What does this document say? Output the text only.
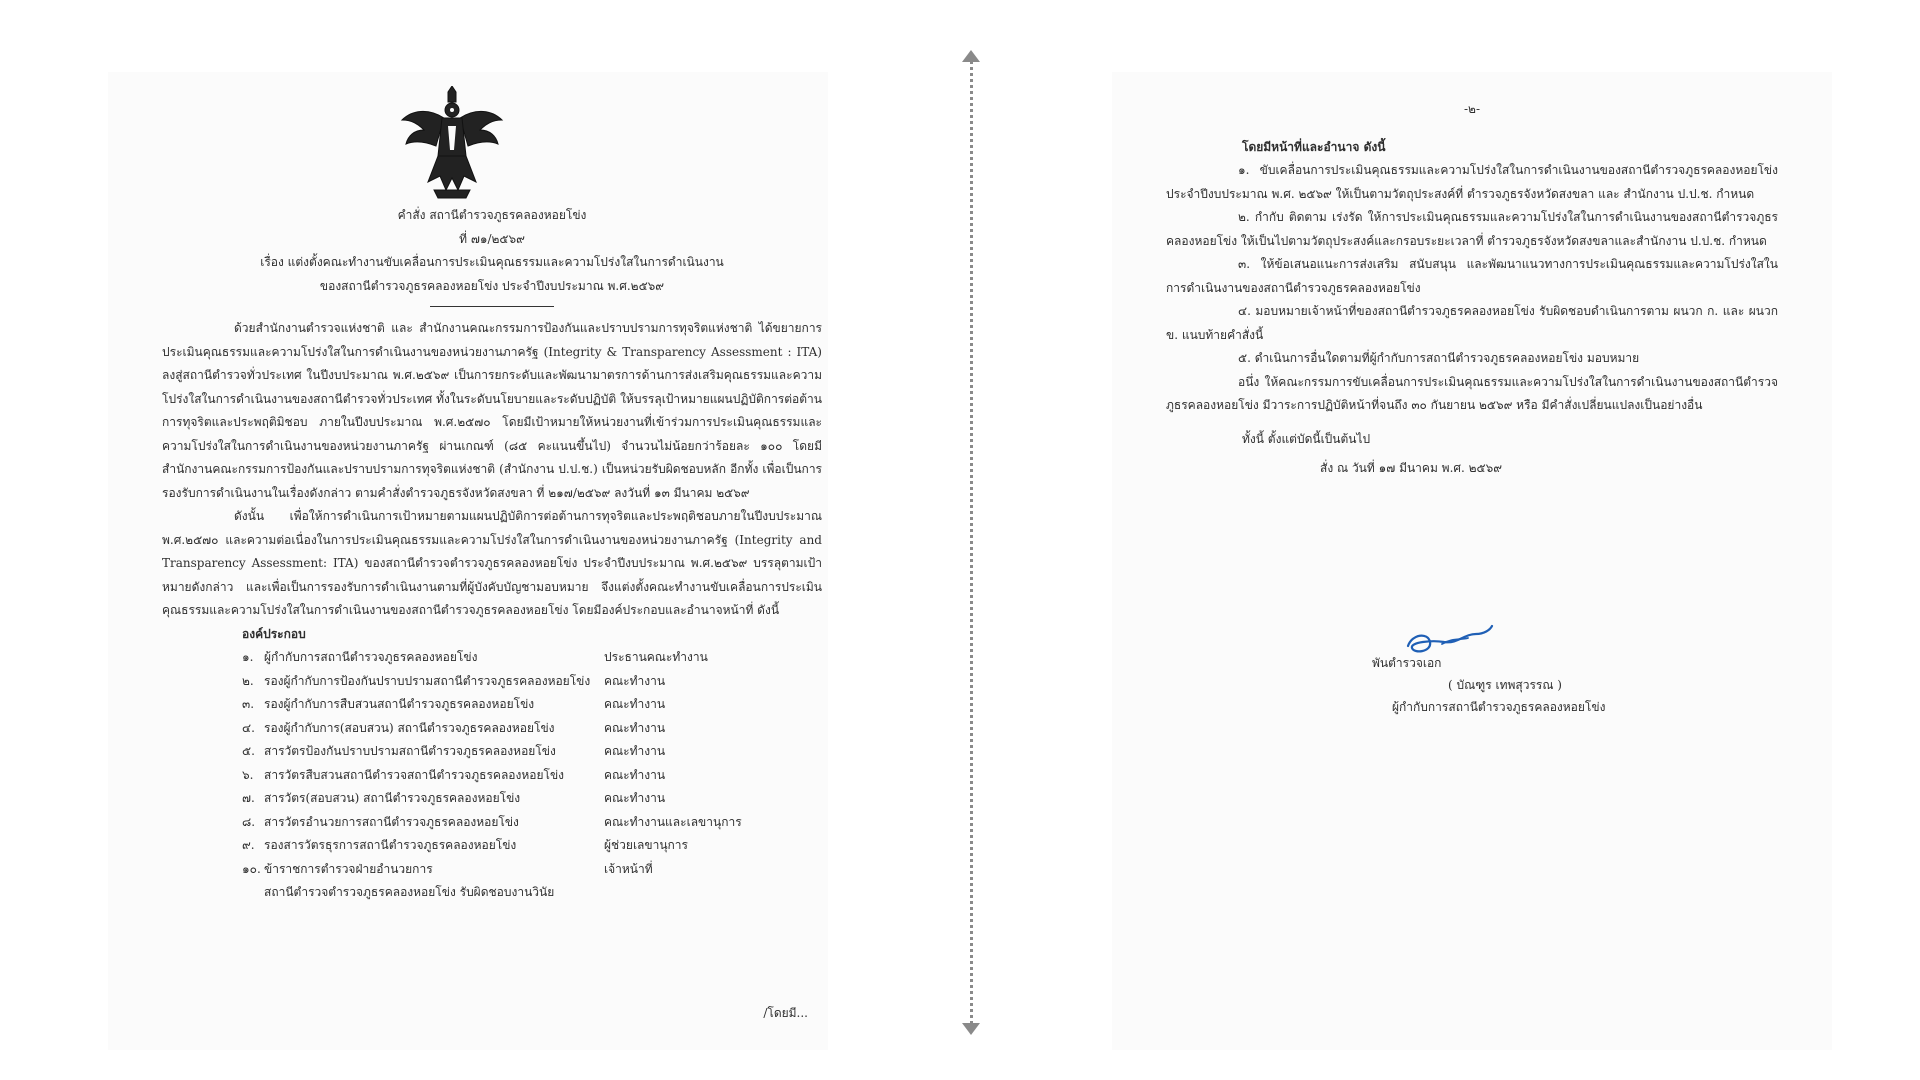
คำสั่ง สถานีตำรวจภูธรคลองหอยโข่ง
ที่ ๗๑/๒๕๖๙
เรื่อง แต่งตั้งคณะทำงานขับเคลื่อนการประเมินคุณธรรมและความโปร่งใสในการดำเนินงาน
ของสถานีตำรวจภูธรคลองหอยโข่ง ประจำปีงบประมาณ พ.ศ.๒๕๖๙
ด้วยสำนักงานตำรวจแห่งชาติ และ สำนักงานคณะกรรมการป้องกันและปราบปรามการทุจริตแห่งชาติ ได้ขยายการประเมินคุณธรรมและความโปร่งใสในการดำเนินงานของหน่วยงานภาครัฐ (Integrity & Transparency Assessment : ITA) ลงสู่สถานีตำรวจทั่วประเทศ ในปีงบประมาณ พ.ศ.๒๕๖๙ เป็นการยกระดับและพัฒนามาตรการด้านการส่งเสริมคุณธรรมและความโปร่งใสในการดำเนินงานของสถานีตำรวจทั่วประเทศ ทั้งในระดับนโยบายและระดับปฏิบัติ ให้บรรลุเป้าหมายแผนปฏิบัติการต่อต้านการทุจริตและประพฤติมิชอบ ภายในปีงบประมาณ พ.ศ.๒๕๗๐ โดยมีเป้าหมายให้หน่วยงานที่เข้าร่วมการประเมินคุณธรรมและความโปร่งใสในการดำเนินงานของหน่วยงานภาครัฐ ผ่านเกณฑ์ (๘๕ คะแนนขึ้นไป) จำนวนไม่น้อยกว่าร้อยละ ๑๐๐ โดยมีสำนักงานคณะกรรมการป้องกันและปราบปรามการทุจริตแห่งชาติ (สำนักงาน ป.ป.ช.) เป็นหน่วยรับผิดชอบหลัก อีกทั้ง เพื่อเป็นการรองรับการดำเนินงานในเรื่องดังกล่าว ตามคำสั่งตำรวจภูธรจังหวัดสงขลา ที่ ๒๑๗/๒๕๖๙ ลงวันที่ ๑๓ มีนาคม ๒๕๖๙
ดังนั้น เพื่อให้การดำเนินการเป้าหมายตามแผนปฏิบัติการต่อต้านการทุจริตและประพฤติชอบภายในปีงบประมาณ พ.ศ.๒๕๗๐ และความต่อเนื่องในการประเมินคุณธรรมและความโปร่งใสในการดำเนินงานของหน่วยงานภาครัฐ (Integrity and Transparency Assessment: ITA) ของสถานีตำรวจตำรวจภูธรคลองหอยโข่ง ประจำปีงบประมาณ พ.ศ.๒๕๖๙ บรรลุตามเป้าหมายดังกล่าว และเพื่อเป็นการรองรับการดำเนินงานตามที่ผู้บังคับบัญชามอบหมาย จึงแต่งตั้งคณะทำงานขับเคลื่อนการประเมินคุณธรรมและความโปร่งใสในการดำเนินงานของสถานีตำรวจภูธรคลองหอยโข่ง โดยมีองค์ประกอบและอำนาจหน้าที่ ดังนี้
องค์ประกอบ
๑. ผู้กำกับการสถานีตำรวจภูธรคลองหอยโข่ง	ประธานคณะทำงาน
๒. รองผู้กำกับการป้องกันปราบปรามสถานีตำรวจภูธรคลองหอยโข่ง	คณะทำงาน
๓. รองผู้กำกับการสืบสวนสถานีตำรวจภูธรคลองหอยโข่ง	คณะทำงาน
๔. รองผู้กำกับการ(สอบสวน) สถานีตำรวจภูธรคลองหอยโข่ง	คณะทำงาน
๕. สารวัตรป้องกันปราบปรามสถานีตำรวจภูธรคลองหอยโข่ง	คณะทำงาน
๖. สารวัตรสืบสวนสถานีตำรวจสถานีตำรวจภูธรคลองหอยโข่ง	คณะทำงาน
๗. สารวัตร(สอบสวน) สถานีตำรวจภูธรคลองหอยโข่ง	คณะทำงาน
๘. สารวัตรอำนวยการสถานีตำรวจภูธรคลองหอยโข่ง	คณะทำงานและเลขานุการ
๙. รองสารวัตรธุรการสถานีตำรวจภูธรคลองหอยโข่ง	ผู้ช่วยเลขานุการ
๑๐. ข้าราชการตำรวจฝ่ายอำนวยการ	เจ้าหน้าที่
สถานีตำรวจตำรวจภูธรคลองหอยโข่ง รับผิดชอบงานวินัย
/โดยมี...
-๒-
โดยมีหน้าที่และอำนาจ ดังนี้
๑. ขับเคลื่อนการประเมินคุณธรรมและความโปร่งใสในการดำเนินงานของสถานีตำรวจภูธรคลองหอยโข่งประจำปีงบประมาณ พ.ศ. ๒๕๖๙ ให้เป็นตามวัตถุประสงค์ที่ ตำรวจภูธรจังหวัดสงขลา และ สำนักงาน ป.ป.ช. กำหนด
๒. กำกับ ติดตาม เร่งรัด ให้การประเมินคุณธรรมและความโปร่งใสในการดำเนินงานของสถานีตำรวจภูธรคลองหอยโข่ง ให้เป็นไปตามวัตถุประสงค์และกรอบระยะเวลาที่ ตำรวจภูธรจังหวัดสงขลาและสำนักงาน ป.ป.ช. กำหนด
๓. ให้ข้อเสนอแนะการส่งเสริม สนับสนุน และพัฒนาแนวทางการประเมินคุณธรรมและความโปร่งใสในการดำเนินงานของสถานีตำรวจภูธรคลองหอยโข่ง
๔. มอบหมายเจ้าหน้าที่ของสถานีตำรวจภูธรคลองหอยโข่ง รับผิดชอบดำเนินการตาม ผนวก ก. และ ผนวก ข. แนบท้ายคำสั่งนี้
๕. ดำเนินการอื่นใดตามที่ผู้กำกับการสถานีตำรวจภูธรคลองหอยโข่ง มอบหมาย
อนึ่ง ให้คณะกรรมการขับเคลื่อนการประเมินคุณธรรมและความโปร่งใสในการดำเนินงานของสถานีตำรวจภูธรคลองหอยโข่ง มีวาระการปฏิบัติหน้าที่จนถึง ๓๐ กันยายน ๒๕๖๙ หรือ มีคำสั่งเปลี่ยนแปลงเป็นอย่างอื่น
ทั้งนี้ ตั้งแต่บัดนี้เป็นต้นไป
สั่ง ณ วันที่ ๑๗ มีนาคม พ.ศ. ๒๕๖๙
พันตำรวจเอก
( บัณฑูร เทพสุวรรณ )
ผู้กำกับการสถานีตำรวจภูธรคลองหอยโข่ง
